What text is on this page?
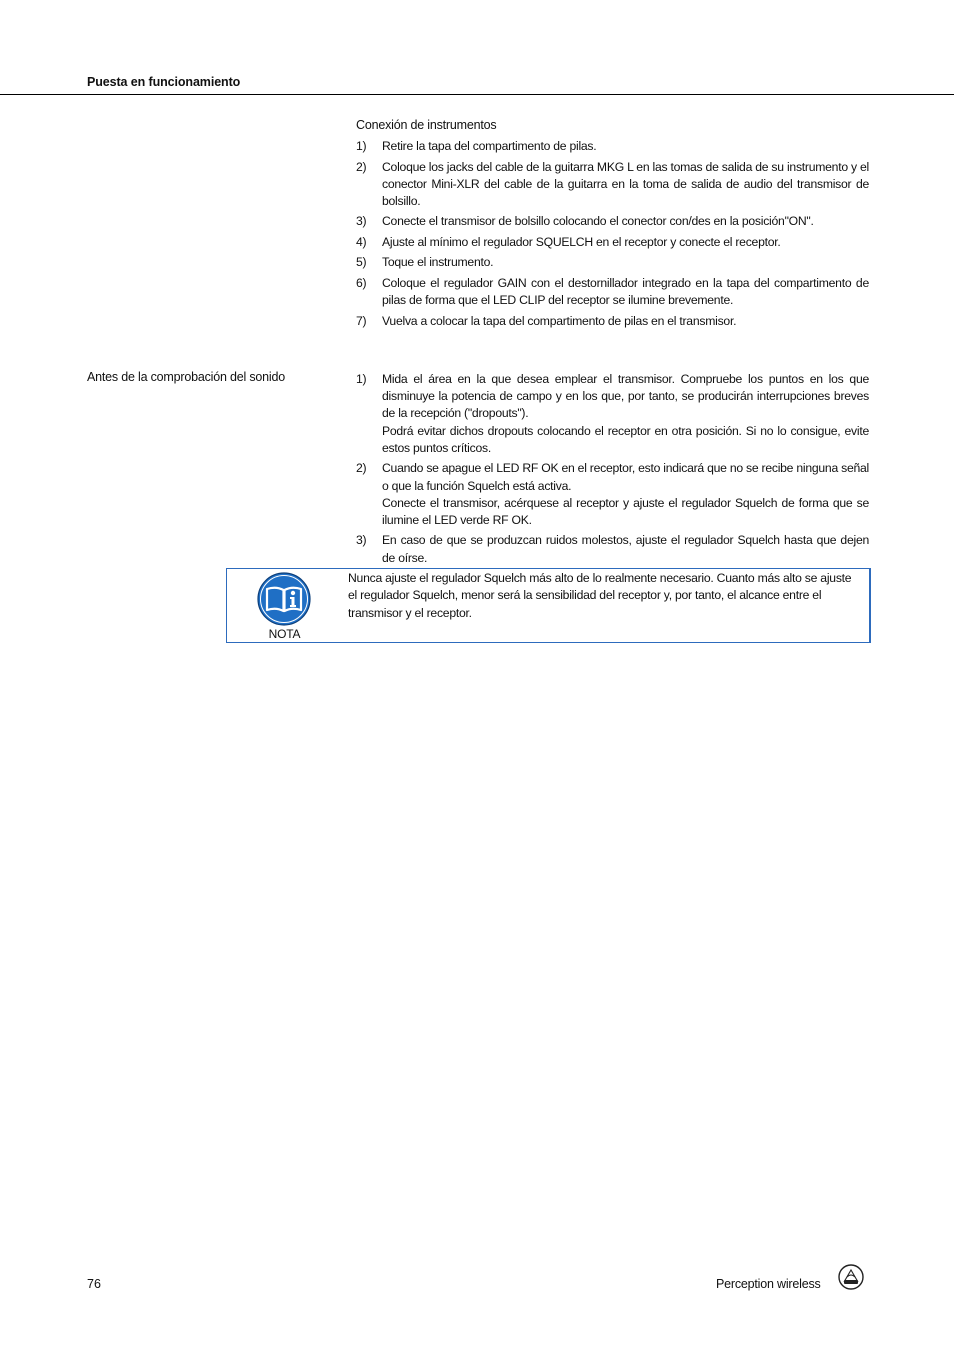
Puesta en funcionamiento
Conexión de instrumentos
1) Retire la tapa del compartimento de pilas.
2) Coloque los jacks del cable de la guitarra MKG L en las tomas de salida de su instrumento y el conector Mini-XLR del cable de la guitarra en la toma de salida de audio del transmisor de bolsillo.
3) Conecte el transmisor de bolsillo colocando el conector con/des en la posición"ON".
4) Ajuste al mínimo el regulador SQUELCH en el receptor y conecte el receptor.
5) Toque el instrumento.
6) Coloque el regulador GAIN con el destornillador integrado en la tapa del compartimento de pilas de forma que el LED CLIP del receptor se ilumine brevemente.
7) Vuelva a colocar la tapa del compartimento de pilas en el transmisor.
Antes de la comprobación del sonido	1) Mida el área en la que desea emplear el transmisor. Compruebe los puntos en los que disminuye la potencia de campo y en los que, por tanto, se producirán interrupciones breves de la recepción ("dropouts").
Podrá evitar dichos dropouts colocando el receptor en otra posición. Si no lo consigue, evite estos puntos críticos.
2) Cuando se apague el LED RF OK en el receptor, esto indicará que no se recibe ninguna señal o que la función Squelch está activa.
Conecte el transmisor, acérquese al receptor y ajuste el regulador Squelch de forma que se ilumine el LED verde RF OK.
3) En caso de que se produzcan ruidos molestos, ajuste el regulador Squelch hasta que dejen de oírse.
NOTA
Nunca ajuste el regulador Squelch más alto de lo realmente necesario. Cuanto más alto se ajuste el regulador Squelch, menor será la sensibilidad del receptor y, por tanto, el alcance entre el transmisor y el receptor.
76	Perception wireless
